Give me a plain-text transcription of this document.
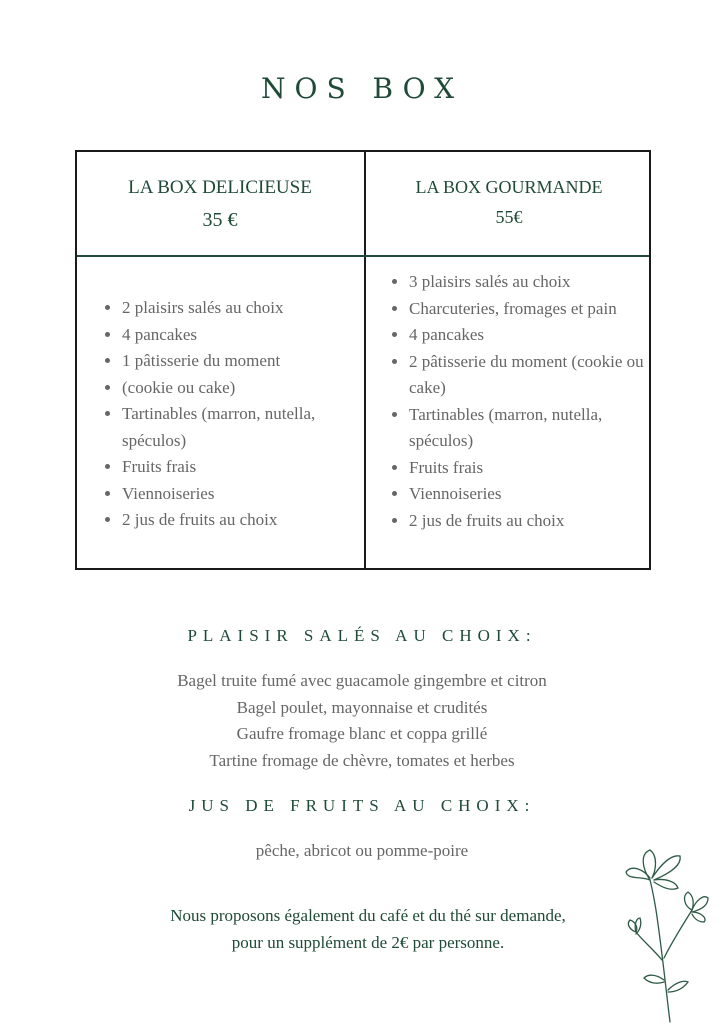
NOS BOX
LA BOX DELICIEUSE
35 €
LA BOX GOURMANDE
55€
• 2 plaisirs salés au choix
• 4 pancakes
• 1 pâtisserie du moment
• (cookie ou cake)
• Tartinables (marron, nutella, spéculos)
• Fruits frais
• Viennoiseries
• 2 jus de fruits au choix
• 3 plaisirs salés au choix
• Charcuteries, fromages et pain
• 4 pancakes
• 2 pâtisserie du moment (cookie ou cake)
• Tartinables (marron, nutella, spéculos)
• Fruits frais
• Viennoiseries
• 2 jus de fruits au choix
PLAISIR SALÉS AU CHOIX:
Bagel truite fumé avec guacamole gingembre et citron
Bagel poulet, mayonnaise et crudités
Gaufre fromage blanc et coppa grillé
Tartine fromage de chèvre, tomates et herbes
JUS DE FRUITS AU CHOIX:
pêche, abricot ou pomme-poire
Nous proposons également du café et du thé sur demande,
pour un supplément de 2€ par personne.
